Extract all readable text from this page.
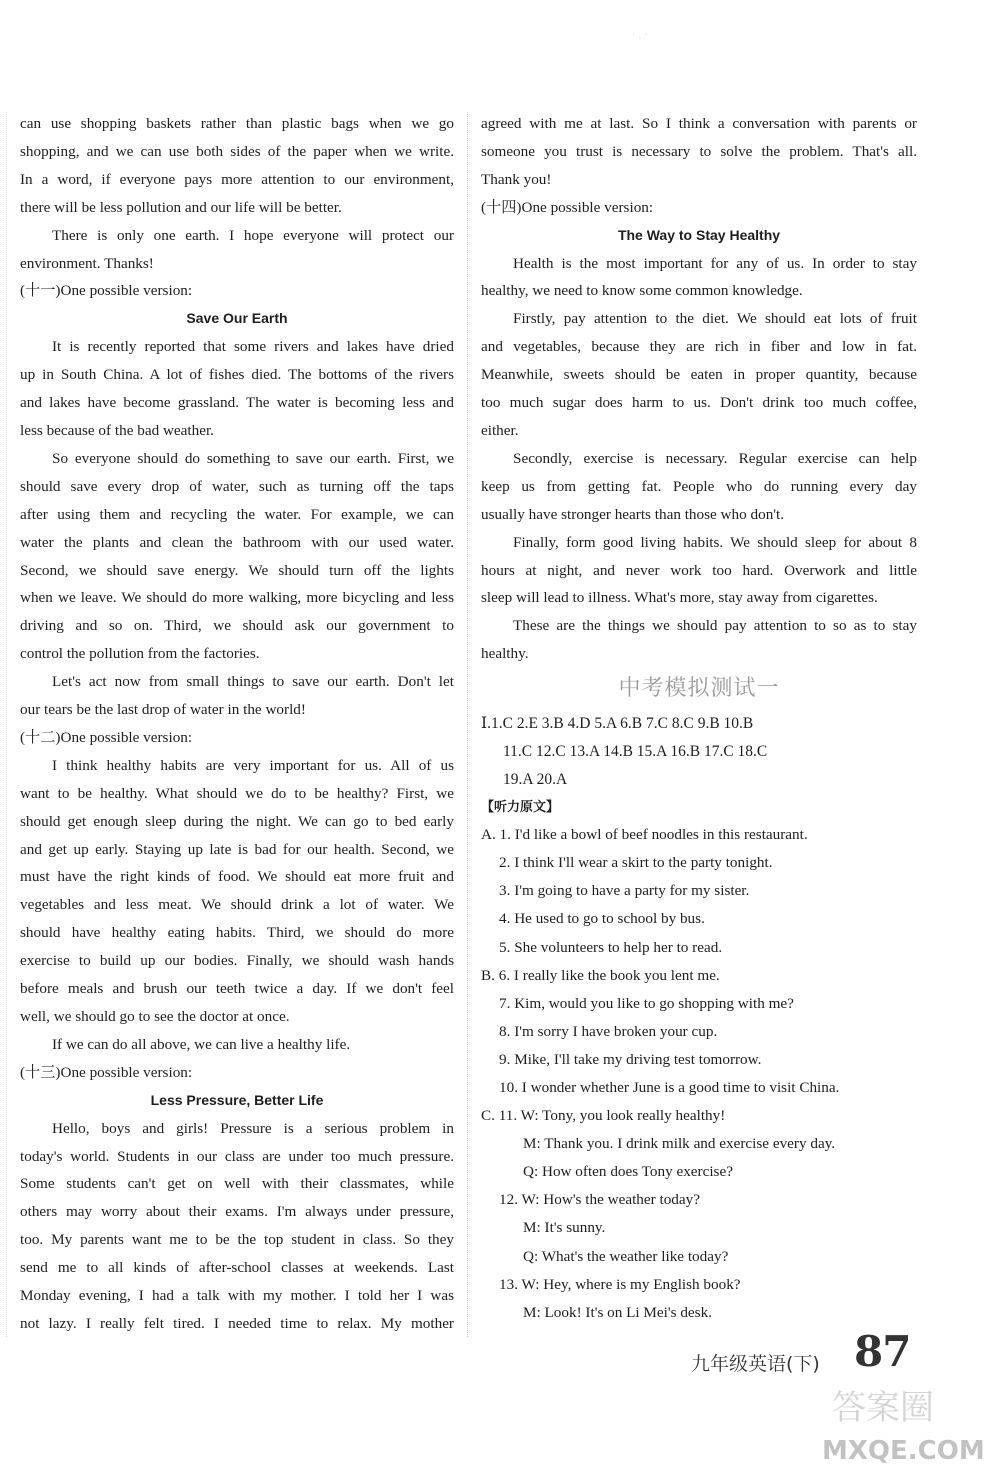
· . ·
can use shopping baskets rather than plastic bags when we go
shopping, and we can use both sides of the paper when we write.
In a word, if everyone pays more attention to our environment,
there will be less pollution and our life will be better.
There is only one earth. I hope everyone will protect our
environment. Thanks!
(十一)One possible version:
Save Our Earth
It is recently reported that some rivers and lakes have dried
up in South China. A lot of fishes died. The bottoms of the rivers
and lakes have become grassland. The water is becoming less and
less because of the bad weather.
So everyone should do something to save our earth. First, we
should save every drop of water, such as turning off the taps
after using them and recycling the water. For example, we can
water the plants and clean the bathroom with our used water.
Second, we should save energy. We should turn off the lights
when we leave. We should do more walking, more bicycling and less
driving and so on. Third, we should ask our government to
control the pollution from the factories.
Let's act now from small things to save our earth. Don't let
our tears be the last drop of water in the world!
(十二)One possible version:
I think healthy habits are very important for us. All of us
want to be healthy. What should we do to be healthy? First, we
should get enough sleep during the night. We can go to bed early
and get up early. Staying up late is bad for our health. Second, we
must have the right kinds of food. We should eat more fruit and
vegetables and less meat. We should drink a lot of water. We
should have healthy eating habits. Third, we should do more
exercise to build up our bodies. Finally, we should wash hands
before meals and brush our teeth twice a day. If we don't feel
well, we should go to see the doctor at once.
If we can do all above, we can live a healthy life.
(十三)One possible version:
Less Pressure, Better Life
Hello, boys and girls! Pressure is a serious problem in
today's world. Students in our class are under too much pressure.
Some students can't get on well with their classmates, while
others may worry about their exams. I'm always under pressure,
too. My parents want me to be the top student in class. So they
send me to all kinds of after-school classes at weekends. Last
Monday evening, I had a talk with my mother. I told her I was
not lazy. I really felt tired. I needed time to relax. My mother
agreed with me at last. So I think a conversation with parents or
someone you trust is necessary to solve the problem. That's all.
Thank you!
(十四)One possible version:
The Way to Stay Healthy
Health is the most important for any of us. In order to stay
healthy, we need to know some common knowledge.
Firstly, pay attention to the diet. We should eat lots of fruit
and vegetables, because they are rich in fiber and low in fat.
Meanwhile, sweets should be eaten in proper quantity, because
too much sugar does harm to us. Don't drink too much coffee,
either.
Secondly, exercise is necessary. Regular exercise can help
keep us from getting fat. People who do running every day
usually have stronger hearts than those who don't.
Finally, form good living habits. We should sleep for about 8
hours at night, and never work too hard. Overwork and little
sleep will lead to illness. What's more, stay away from cigarettes.
These are the things we should pay attention to so as to stay
healthy.
中考模拟测试一
Ⅰ.1.C 2.E 3.B 4.D 5.A 6.B 7.C 8.C 9.B 10.B
11.C 12.C 13.A 14.B 15.A 16.B 17.C 18.C
19.A 20.A
【听力原文】
A. 1. I'd like a bowl of beef noodles in this restaurant.
2. I think I'll wear a skirt to the party tonight.
3. I'm going to have a party for my sister.
4. He used to go to school by bus.
5. She volunteers to help her to read.
B. 6. I really like the book you lent me.
7. Kim, would you like to go shopping with me?
8. I'm sorry I have broken your cup.
9. Mike, I'll take my driving test tomorrow.
10. I wonder whether June is a good time to visit China.
C. 11. W: Tony, you look really healthy!
M: Thank you. I drink milk and exercise every day.
Q: How often does Tony exercise?
12. W: How's the weather today?
M: It's sunny.
Q: What's the weather like today?
13. W: Hey, where is my English book?
M: Look! It's on Li Mei's desk.
九年级英语(下) 87
答案圈
MXQE.COM
